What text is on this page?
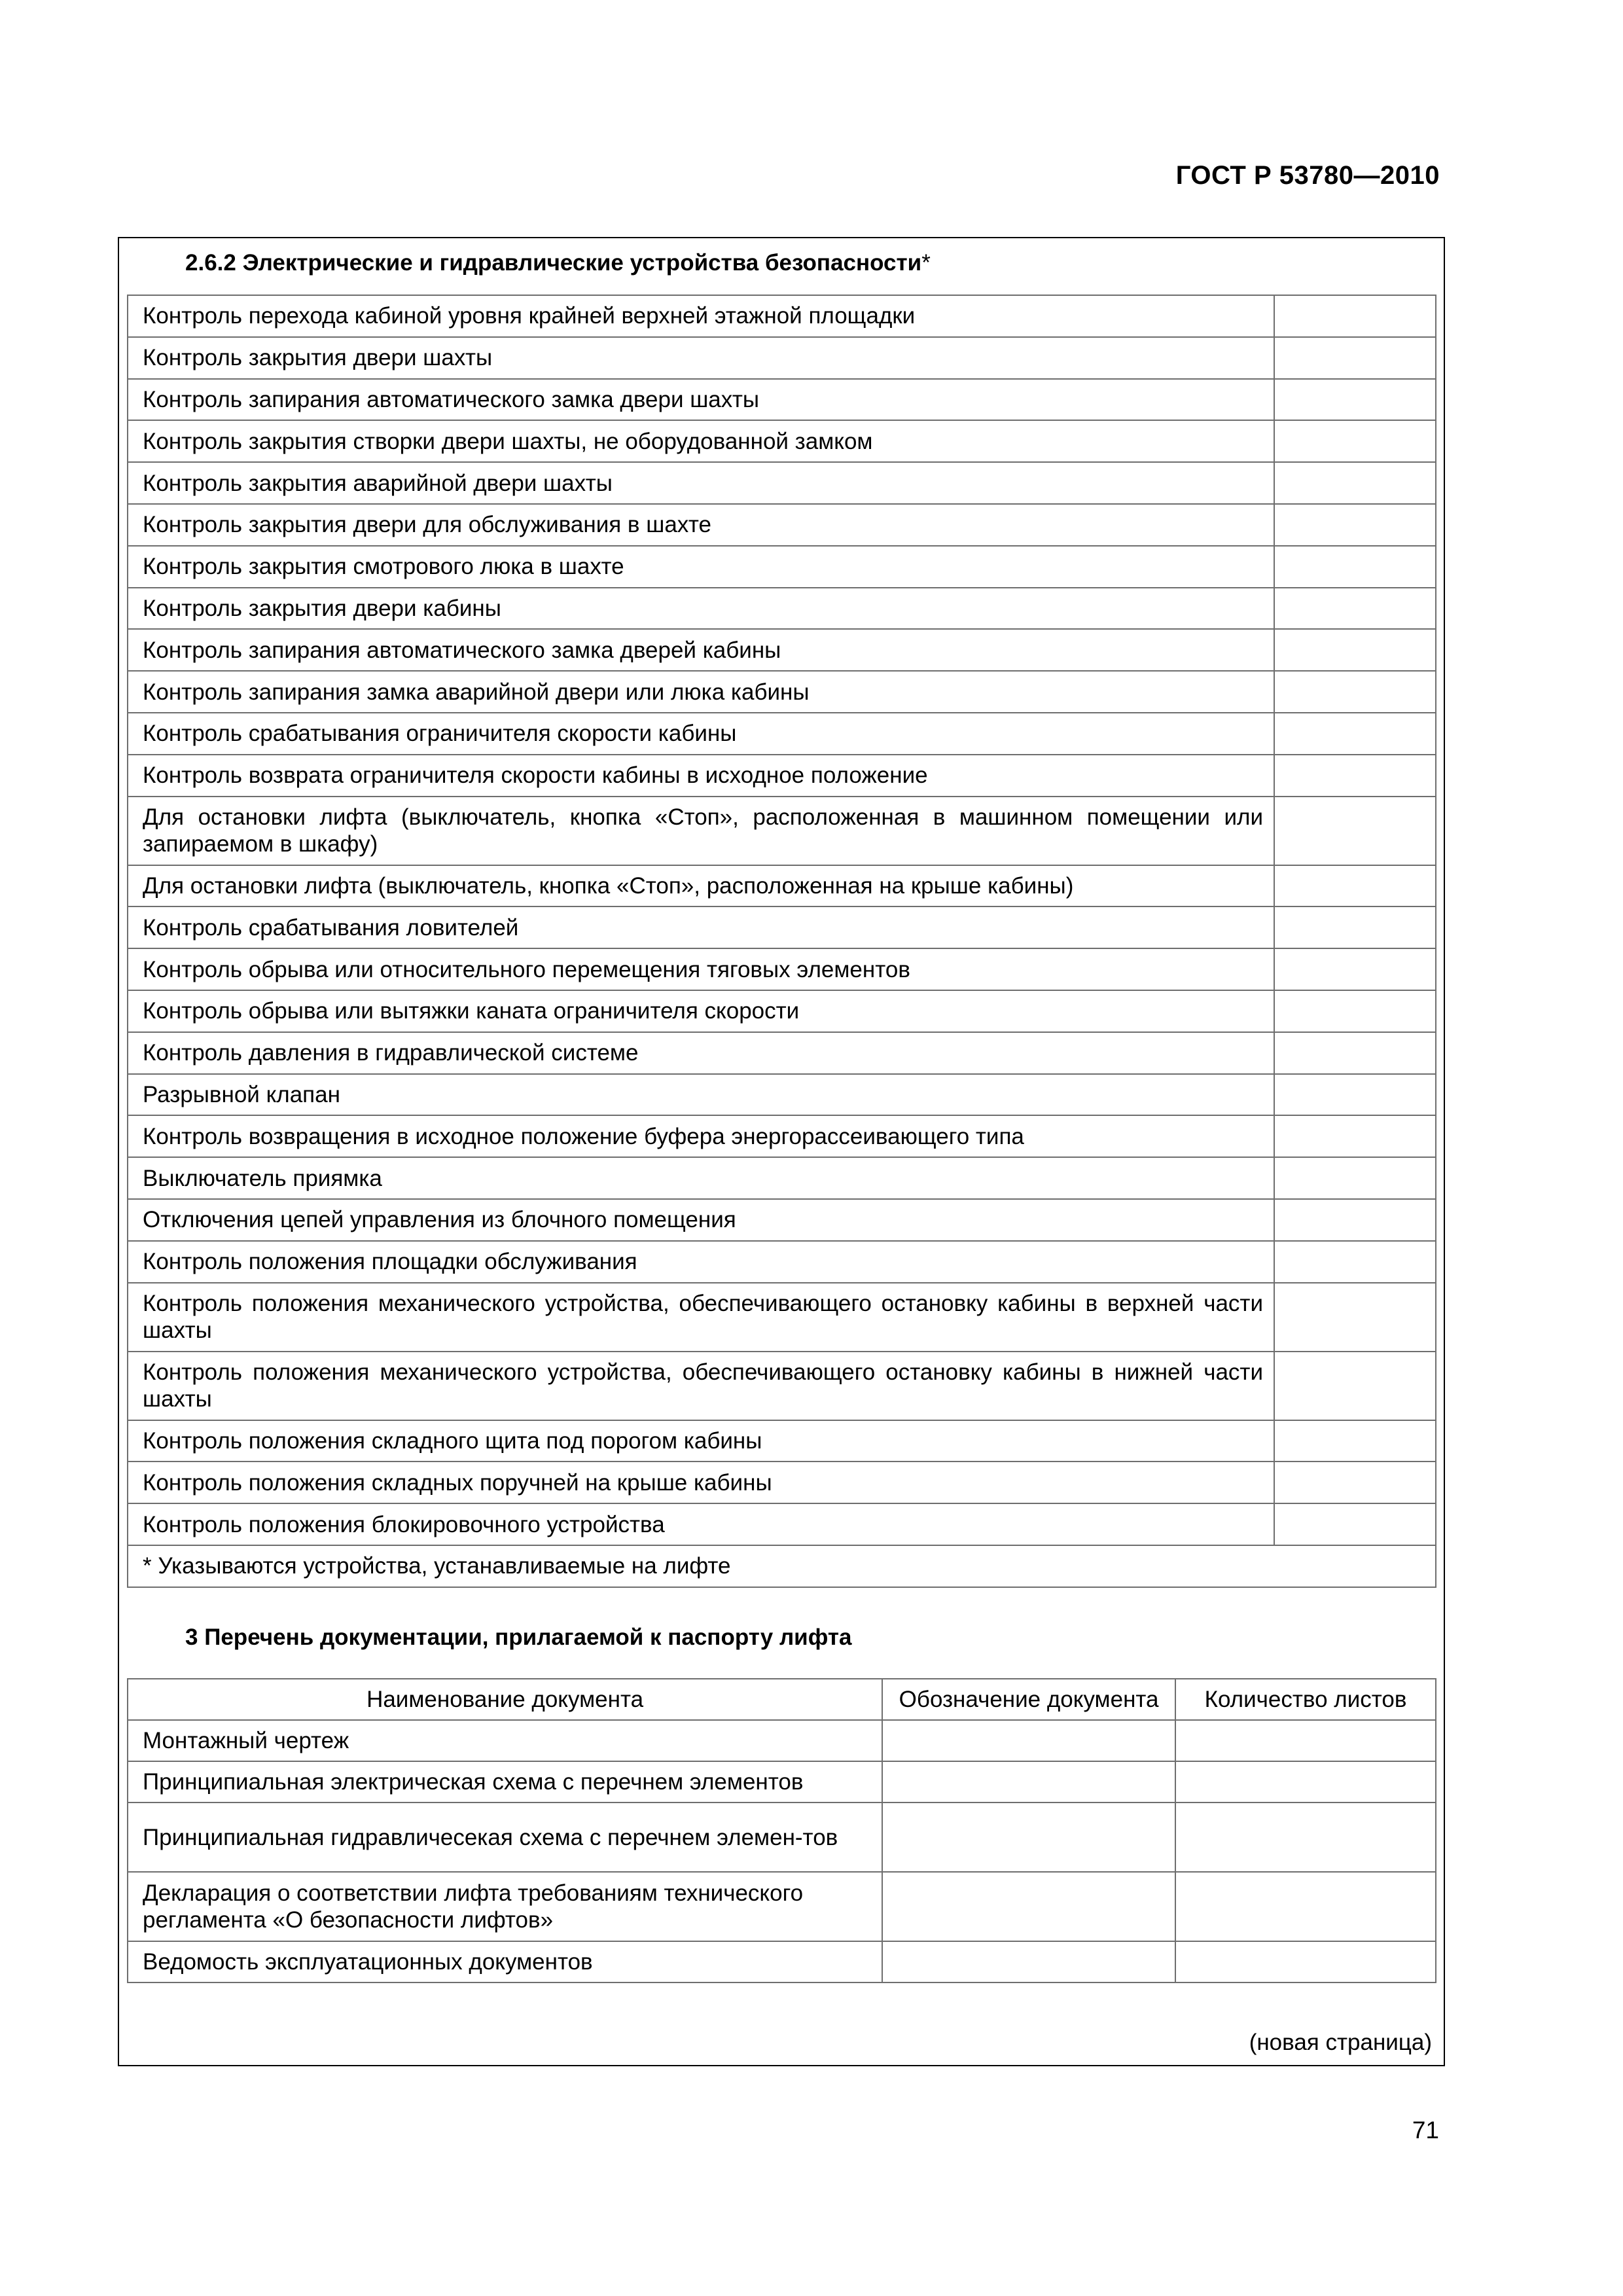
ГОСТ Р 53780—2010
2.6.2 Электрические и гидравлические устройства безопасности*
Контроль перехода кабиной уровня крайней верхней этажной площадки	
Контроль закрытия двери шахты	
Контроль запирания автоматического замка двери шахты	
Контроль закрытия створки двери шахты, не оборудованной замком	
Контроль закрытия аварийной двери шахты	
Контроль закрытия двери для обслуживания в шахте	
Контроль закрытия смотрового люка в шахте	
Контроль закрытия двери кабины	
Контроль запирания автоматического замка дверей кабины	
Контроль запирания замка аварийной двери или люка кабины	
Контроль срабатывания ограничителя скорости кабины	
Контроль возврата ограничителя скорости кабины в исходное положение	
Для остановки лифта (выключатель, кнопка «Стоп», расположенная в машинном помещении или запираемом в шкафу)	
Для остановки лифта (выключатель, кнопка «Стоп», расположенная на крыше кабины)	
Контроль срабатывания ловителей	
Контроль обрыва или относительного перемещения тяговых элементов	
Контроль обрыва или вытяжки каната ограничителя скорости	
Контроль давления в гидравлической системе	
Разрывной клапан	
Контроль возвращения в исходное положение буфера энергорассеивающего типа	
Выключатель приямка	
Отключения цепей управления из блочного помещения	
Контроль положения площадки обслуживания	
Контроль положения механического устройства, обеспечивающего остановку кабины в верхней части шахты	
Контроль положения механического устройства, обеспечивающего остановку кабины в нижней части шахты	
Контроль положения складного щита под порогом кабины	
Контроль положения складных поручней на крыше кабины	
Контроль положения блокировочного устройства	
* Указываются устройства, устанавливаемые на лифте	
3 Перечень документации, прилагаемой к паспорту лифта
Наименование документа	Обозначение документа	Количество листов
Монтажный чертеж		
Принципиальная электрическая схема с перечнем элементов		
Принципиальная гидравличесекая схема с перечнем элемен-тов		
Декларация о соответствии лифта требованиям технического регламента «О безопасности лифтов»		
Ведомость эксплуатационных документов		
(новая страница)
71
